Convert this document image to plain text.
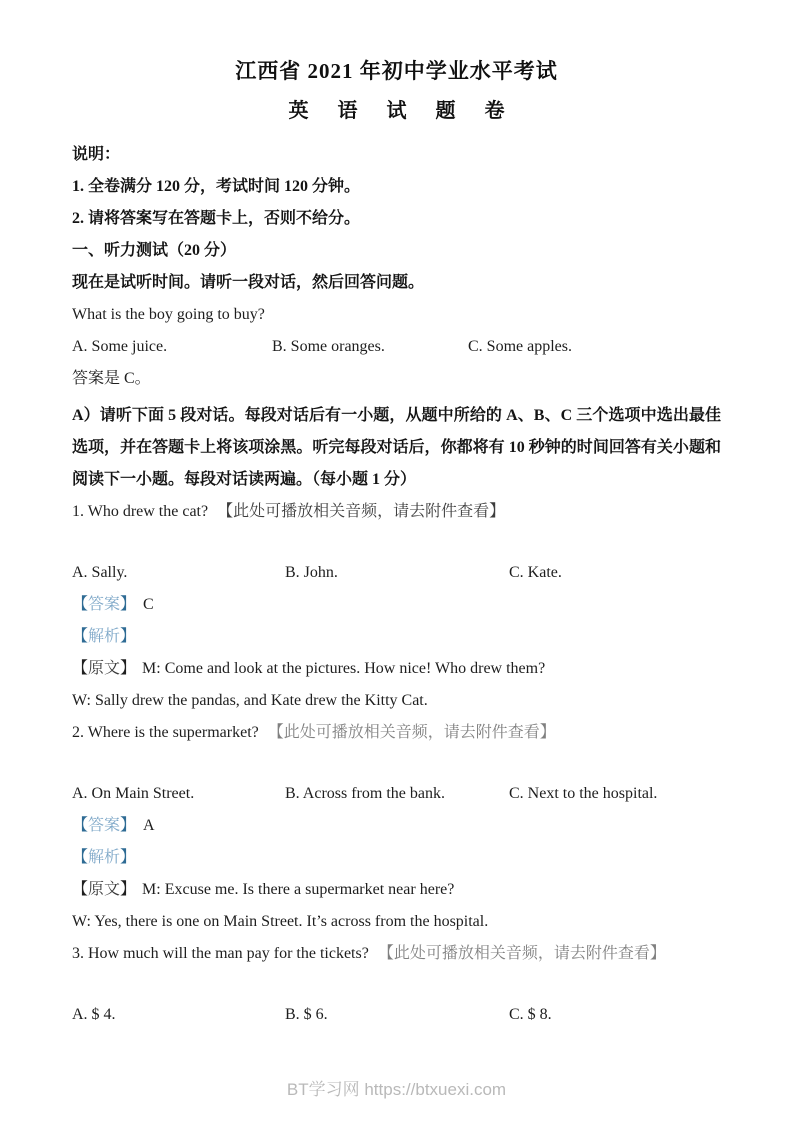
江西省 2021 年初中学业水平考试
英 语 试 题 卷

说明：

1. 全卷满分 120 分，考试时间 120 分钟。

2. 请将答案写在答题卡上，否则不给分。

一、听力测试（20 分）

现在是试听时间。请听一段对话，然后回答问题。

What is the boy going to buy?

A. Some juice.	B. Some oranges.	C. Some apples.

答案是 C。

A）请听下面 5 段对话。每段对话后有一小题，从题中所给的 A、B、C 三个选项中选出最佳选项，并在答题卡上将该项涂黑。听完每段对话后，你都将有 10 秒钟的时间回答有关小题和阅读下一小题。每段对话读两遍。（每小题 1 分）

1. Who drew the cat? 【此处可播放相关音频，请去附件查看】

A. Sally.	B. John.	C. Kate.

【答案】 C

【解析】

【原文】 M: Come and look at the pictures. How nice! Who drew them?

W: Sally drew the pandas, and Kate drew the Kitty Cat.

2. Where is the supermarket? 【此处可播放相关音频，请去附件查看】

A. On Main Street.	B. Across from the bank.	C. Next to the hospital.

【答案】 A

【解析】

【原文】 M: Excuse me. Is there a supermarket near here?

W: Yes, there is one on Main Street. It’s across from the hospital.

3. How much will the man pay for the tickets? 【此处可播放相关音频，请去附件查看】

A. $ 4.	B. $ 6.	C. $ 8.
BT学习网 https://btxuexi.com
